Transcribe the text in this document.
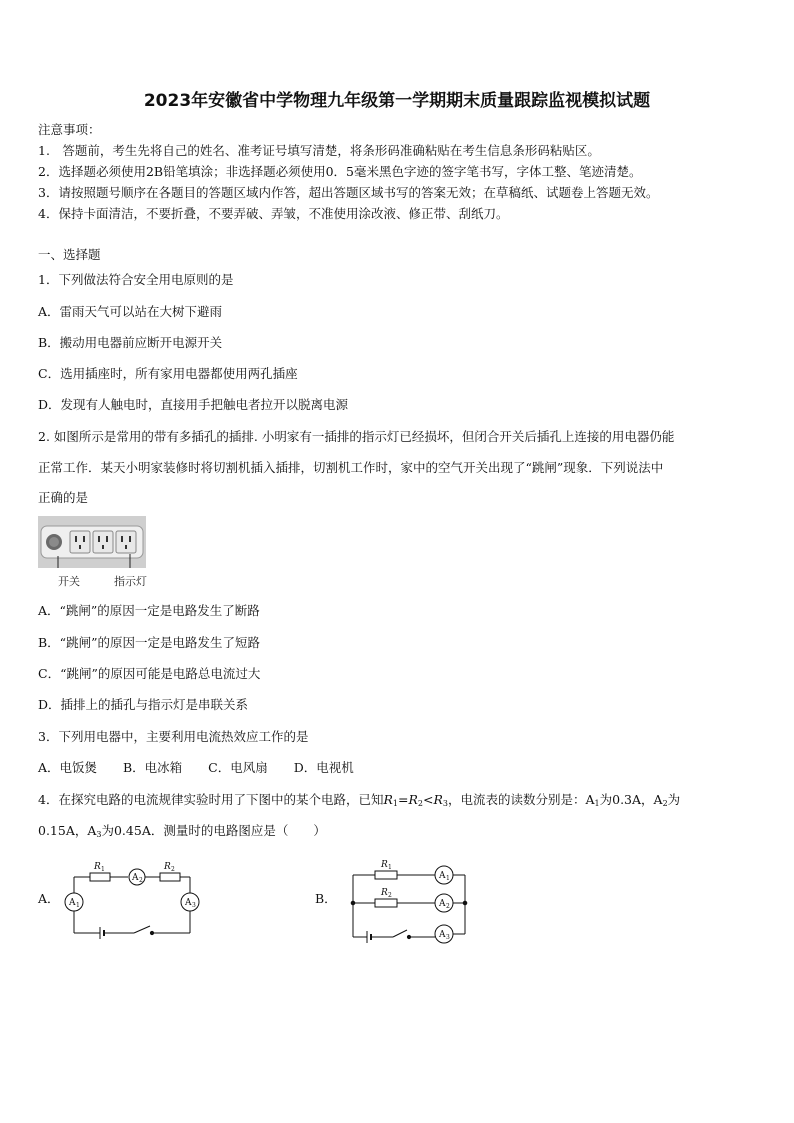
2023年安徽省中学物理九年级第一学期期末质量跟踪监视模拟试题
注意事项：
1.　答题前，考生先将自己的姓名、准考证号填写清楚，将条形码准确粘贴在考生信息条形码粘贴区。
2．选择题必须使用2B铅笔填涂；非选择题必须使用0．5毫米黑色字迹的签字笔书写，字体工整、笔迹清楚。
3．请按照题号顺序在各题目的答题区域内作答，超出答题区域书写的答案无效；在草稿纸、试题卷上答题无效。
4．保持卡面清洁，不要折叠，不要弄破、弄皱，不准使用涂改液、修正带、刮纸刀。
一、选择题
1．下列做法符合安全用电原则的是
A．雷雨天气可以站在大树下避雨
B．搬动用电器前应断开电源开关
C．选用插座时，所有家用电器都使用两孔插座
D．发现有人触电时，直接用手把触电者拉开以脱离电源
2. 如图所示是常用的带有多插孔的插排. 小明家有一插排的指示灯已经损坏，但闭合开关后插孔上连接的用电器仍能
正常工作．某天小明家装修时将切割机插入插排，切割机工作时，家中的空气开关出现了“跳闸”现象．下列说法中
正确的是
开关	指示灯
A．“跳闸”的原因一定是电路发生了断路
B．“跳闸”的原因一定是电路发生了短路
C．“跳闸”的原因可能是电路总电流过大
D．插排上的插孔与指示灯是串联关系
3．下列用电器中，主要利用电流热效应工作的是
A．电饭煲 B．电冰箱 C．电风扇 D．电视机
4．在探究电路的电流规律实验时用了下图中的某个电路，已知$R_1=R_2<R_3$，电流表的读数分别是：$A_1$为0.3A，$A_2$为
0.15A，$A_3$为0.45A．测量时的电路图应是（　　）
A．	B．
R 1	R 2
A 2
A 1	A 3
R 1
R 2
A 1
A 2
A 3
